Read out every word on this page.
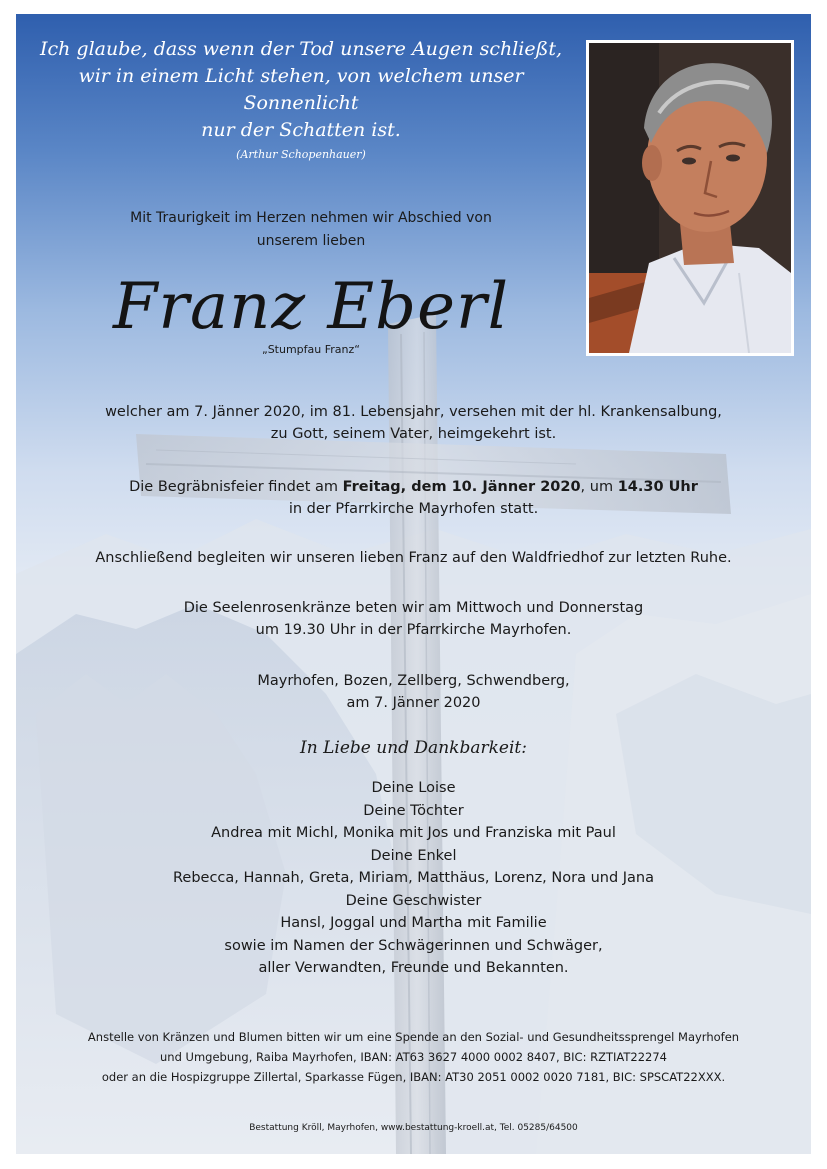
Ich glaube, dass wenn der Tod unsere Augen schließt,
wir in einem Licht stehen, von welchem unser Sonnenlicht
nur der Schatten ist.
(Arthur Schopenhauer)
Mit Traurigkeit im Herzen nehmen wir Abschied von
unserem lieben
Franz Eberl
„Stumpfau Franz“
welcher am 7. Jänner 2020, im 81. Lebensjahr, versehen mit der hl. Krankensalbung,
zu Gott, seinem Vater, heimgekehrt ist.
Die Begräbnisfeier findet am Freitag, dem 10. Jänner 2020, um 14.30 Uhr
in der Pfarrkirche Mayrhofen statt.
Anschließend begleiten wir unseren lieben Franz auf den Waldfriedhof zur letzten Ruhe.
Die Seelenrosenkränze beten wir am Mittwoch und Donnerstag
um 19.30 Uhr in der Pfarrkirche Mayrhofen.
Mayrhofen, Bozen, Zellberg, Schwendberg,
am 7. Jänner 2020
In Liebe und Dankbarkeit:
Deine Loise
Deine Töchter
Andrea mit Michl, Monika mit Jos und Franziska mit Paul
Deine Enkel
Rebecca, Hannah, Greta, Miriam, Matthäus, Lorenz, Nora und Jana
Deine Geschwister
Hansl, Joggal und Martha mit Familie
sowie im Namen der Schwägerinnen und Schwäger,
aller Verwandten, Freunde und Bekannten.
Anstelle von Kränzen und Blumen bitten wir um eine Spende an den Sozial- und Gesundheitssprengel Mayrhofen
und Umgebung, Raiba Mayrhofen, IBAN: AT63 3627 4000 0002 8407, BIC: RZTIAT22274
oder an die Hospizgruppe Zillertal, Sparkasse Fügen, IBAN: AT30 2051 0002 0020 7181, BIC: SPSCAT22XXX.
Bestattung Kröll, Mayrhofen, www.bestattung-kroell.at, Tel. 05285/64500
